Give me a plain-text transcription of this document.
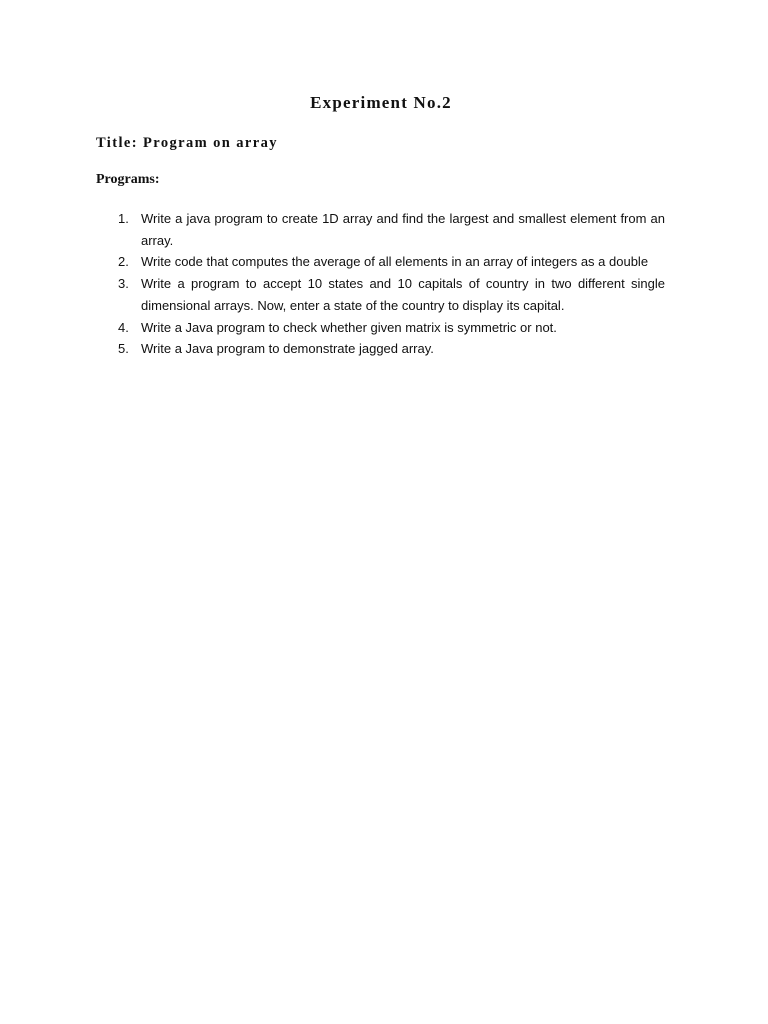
Experiment No.2

Title: Program on array

Programs:

1. Write a java program to create 1D array and find the largest and smallest element from an array.
2. Write code that computes the average of all elements in an array of integers as a double
3. Write a program to accept 10 states and 10 capitals of country in two different single dimensional arrays. Now, enter a state of the country to display its capital.
4. Write a Java program to check whether given matrix is symmetric or not.
5. Write a Java program to demonstrate jagged array.
